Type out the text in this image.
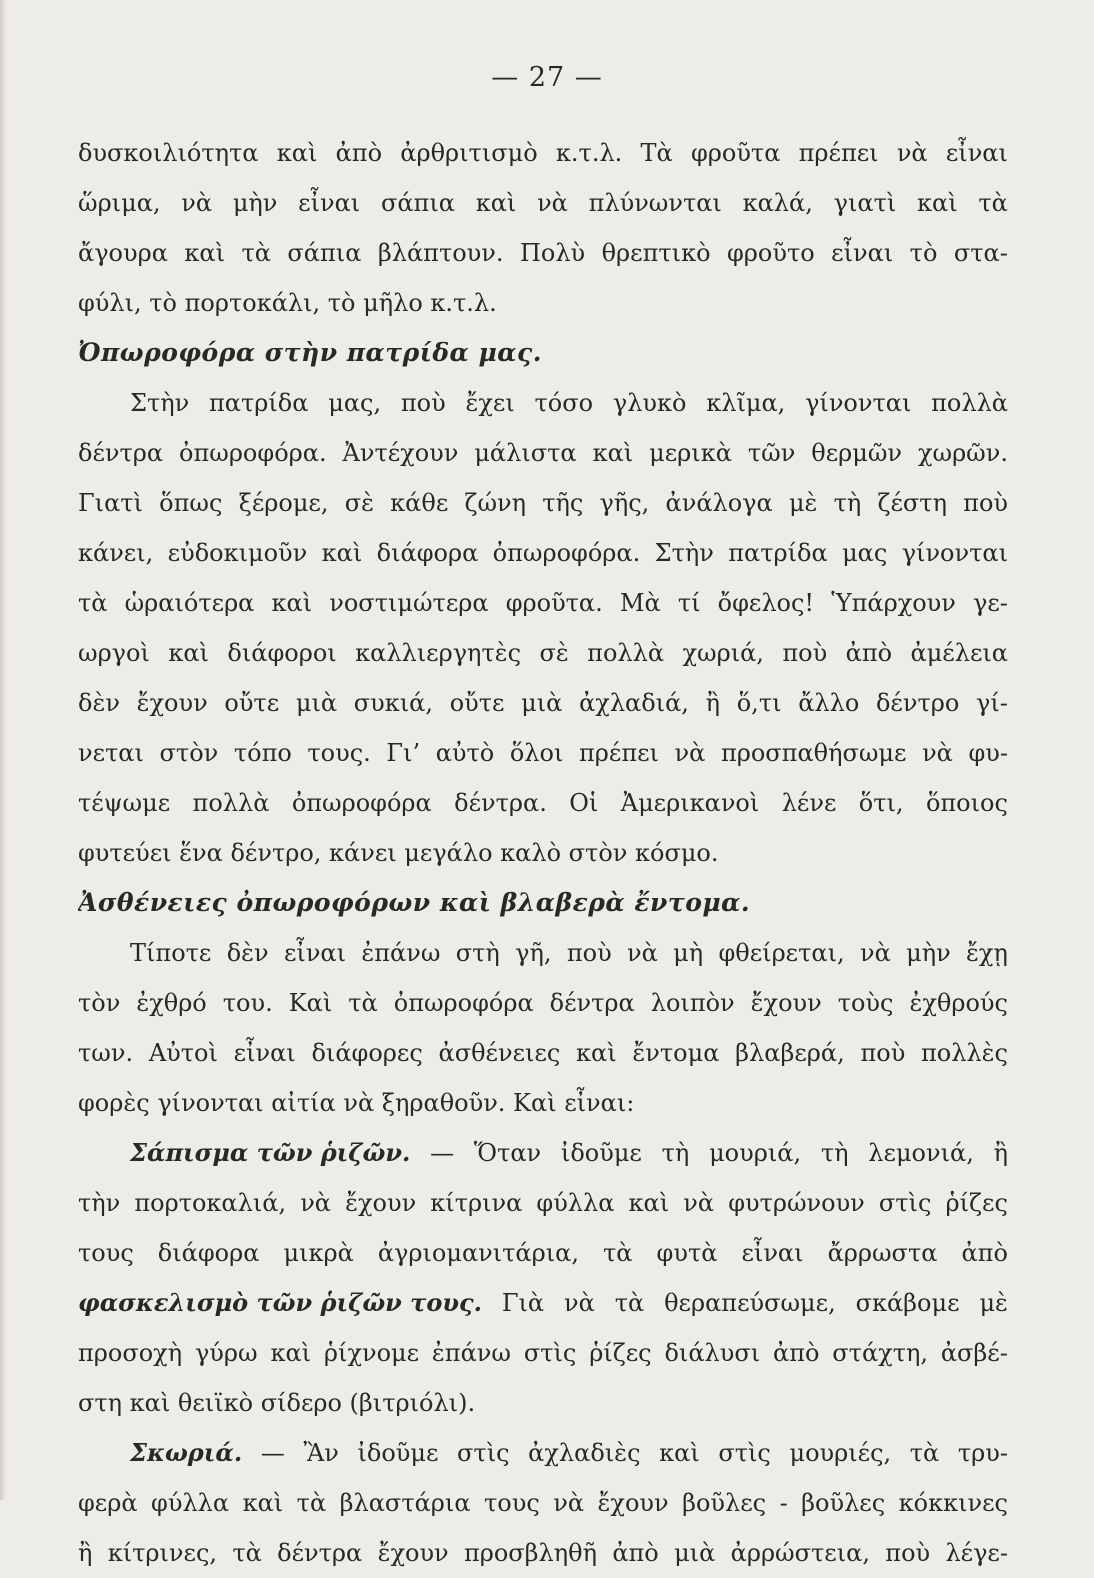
— 27 —
δυσκοιλιότητα καὶ ἀπὸ ἀρθριτισμὸ κ.τ.λ. Τὰ φροῦτα πρέπει νὰ εἶναι
ὥριμα, νὰ μὴν εἶναι σάπια καὶ νὰ πλύνωνται καλά, γιατὶ καὶ τὰ
ἄγουρα καὶ τὰ σάπια βλάπτουν. Πολὺ θρεπτικὸ φροῦτο εἶναι τὸ στα-
φύλι, τὸ πορτοκάλι, τὸ μῆλο κ.τ.λ.
Ὀπωροφόρα στὴν πατρίδα μας.
Στὴν πατρίδα μας, ποὺ ἔχει τόσο γλυκὸ κλῖμα, γίνονται πολλὰ
δέντρα ὀπωροφόρα. Ἀντέχουν μάλιστα καὶ μερικὰ τῶν θερμῶν χωρῶν.
Γιατὶ ὅπως ξέρομε, σὲ κάθε ζώνη τῆς γῆς, ἀνάλογα μὲ τὴ ζέστη ποὺ
κάνει, εὐδοκιμοῦν καὶ διάφορα ὀπωροφόρα. Στὴν πατρίδα μας γίνονται
τὰ ὡραιότερα καὶ νοστιμώτερα φροῦτα. Μὰ τί ὄφελος! Ὑπάρχουν γε-
ωργοὶ καὶ διάφοροι καλλιεργητὲς σὲ πολλὰ χωριά, ποὺ ἀπὸ ἀμέλεια
δὲν ἔχουν οὔτε μιὰ συκιά, οὔτε μιὰ ἀχλαδιά, ἢ ὅ,τι ἄλλο δέντρο γί-
νεται στὸν τόπο τους. Γι’ αὐτὸ ὅλοι πρέπει νὰ προσπαθήσωμε νὰ φυ-
τέψωμε πολλὰ ὀπωροφόρα δέντρα. Οἱ Ἀμερικανοὶ λένε ὅτι, ὅποιος
φυτεύει ἕνα δέντρο, κάνει μεγάλο καλὸ στὸν κόσμο.
Ἀσθένειες ὀπωροφόρων καὶ βλαβερὰ ἔντομα.
Τίποτε δὲν εἶναι ἐπάνω στὴ γῆ, ποὺ νὰ μὴ φθείρεται, νὰ μὴν ἔχῃ
τὸν ἐχθρό του. Καὶ τὰ ὀπωροφόρα δέντρα λοιπὸν ἔχουν τοὺς ἐχθρούς
των. Αὐτοὶ εἶναι διάφορες ἀσθένειες καὶ ἔντομα βλαβερά, ποὺ πολλὲς
φορὲς γίνονται αἰτία νὰ ξηραθοῦν. Καὶ εἶναι:
Σάπισμα τῶν ῥιζῶν. — Ὅταν ἰδοῦμε τὴ μουριά, τὴ λεμονιά, ἢ
τὴν πορτοκαλιά, νὰ ἔχουν κίτρινα φύλλα καὶ νὰ φυτρώνουν στὶς ῥίζες
τους διάφορα μικρὰ ἀγριομανιτάρια, τὰ φυτὰ εἶναι ἄρρωστα ἀπὸ
φασκελισμὸ τῶν ῥιζῶν τους. Γιὰ νὰ τὰ θεραπεύσωμε, σκάβομε μὲ
προσοχὴ γύρω καὶ ῥίχνομε ἐπάνω στὶς ῥίζες διάλυσι ἀπὸ στάχτη, ἀσβέ-
στη καὶ θειϊκὸ σίδερο (βιτριόλι).
Σκωριά. — Ἂν ἰδοῦμε στὶς ἀχλαδιὲς καὶ στὶς μουριές, τὰ τρυ-
φερὰ φύλλα καὶ τὰ βλαστάρια τους νὰ ἔχουν βοῦλες - βοῦλες κόκκινες
ἢ κίτρινες, τὰ δέντρα ἔχουν προσβληθῆ ἀπὸ μιὰ ἀρρώστεια, ποὺ λέγε-
